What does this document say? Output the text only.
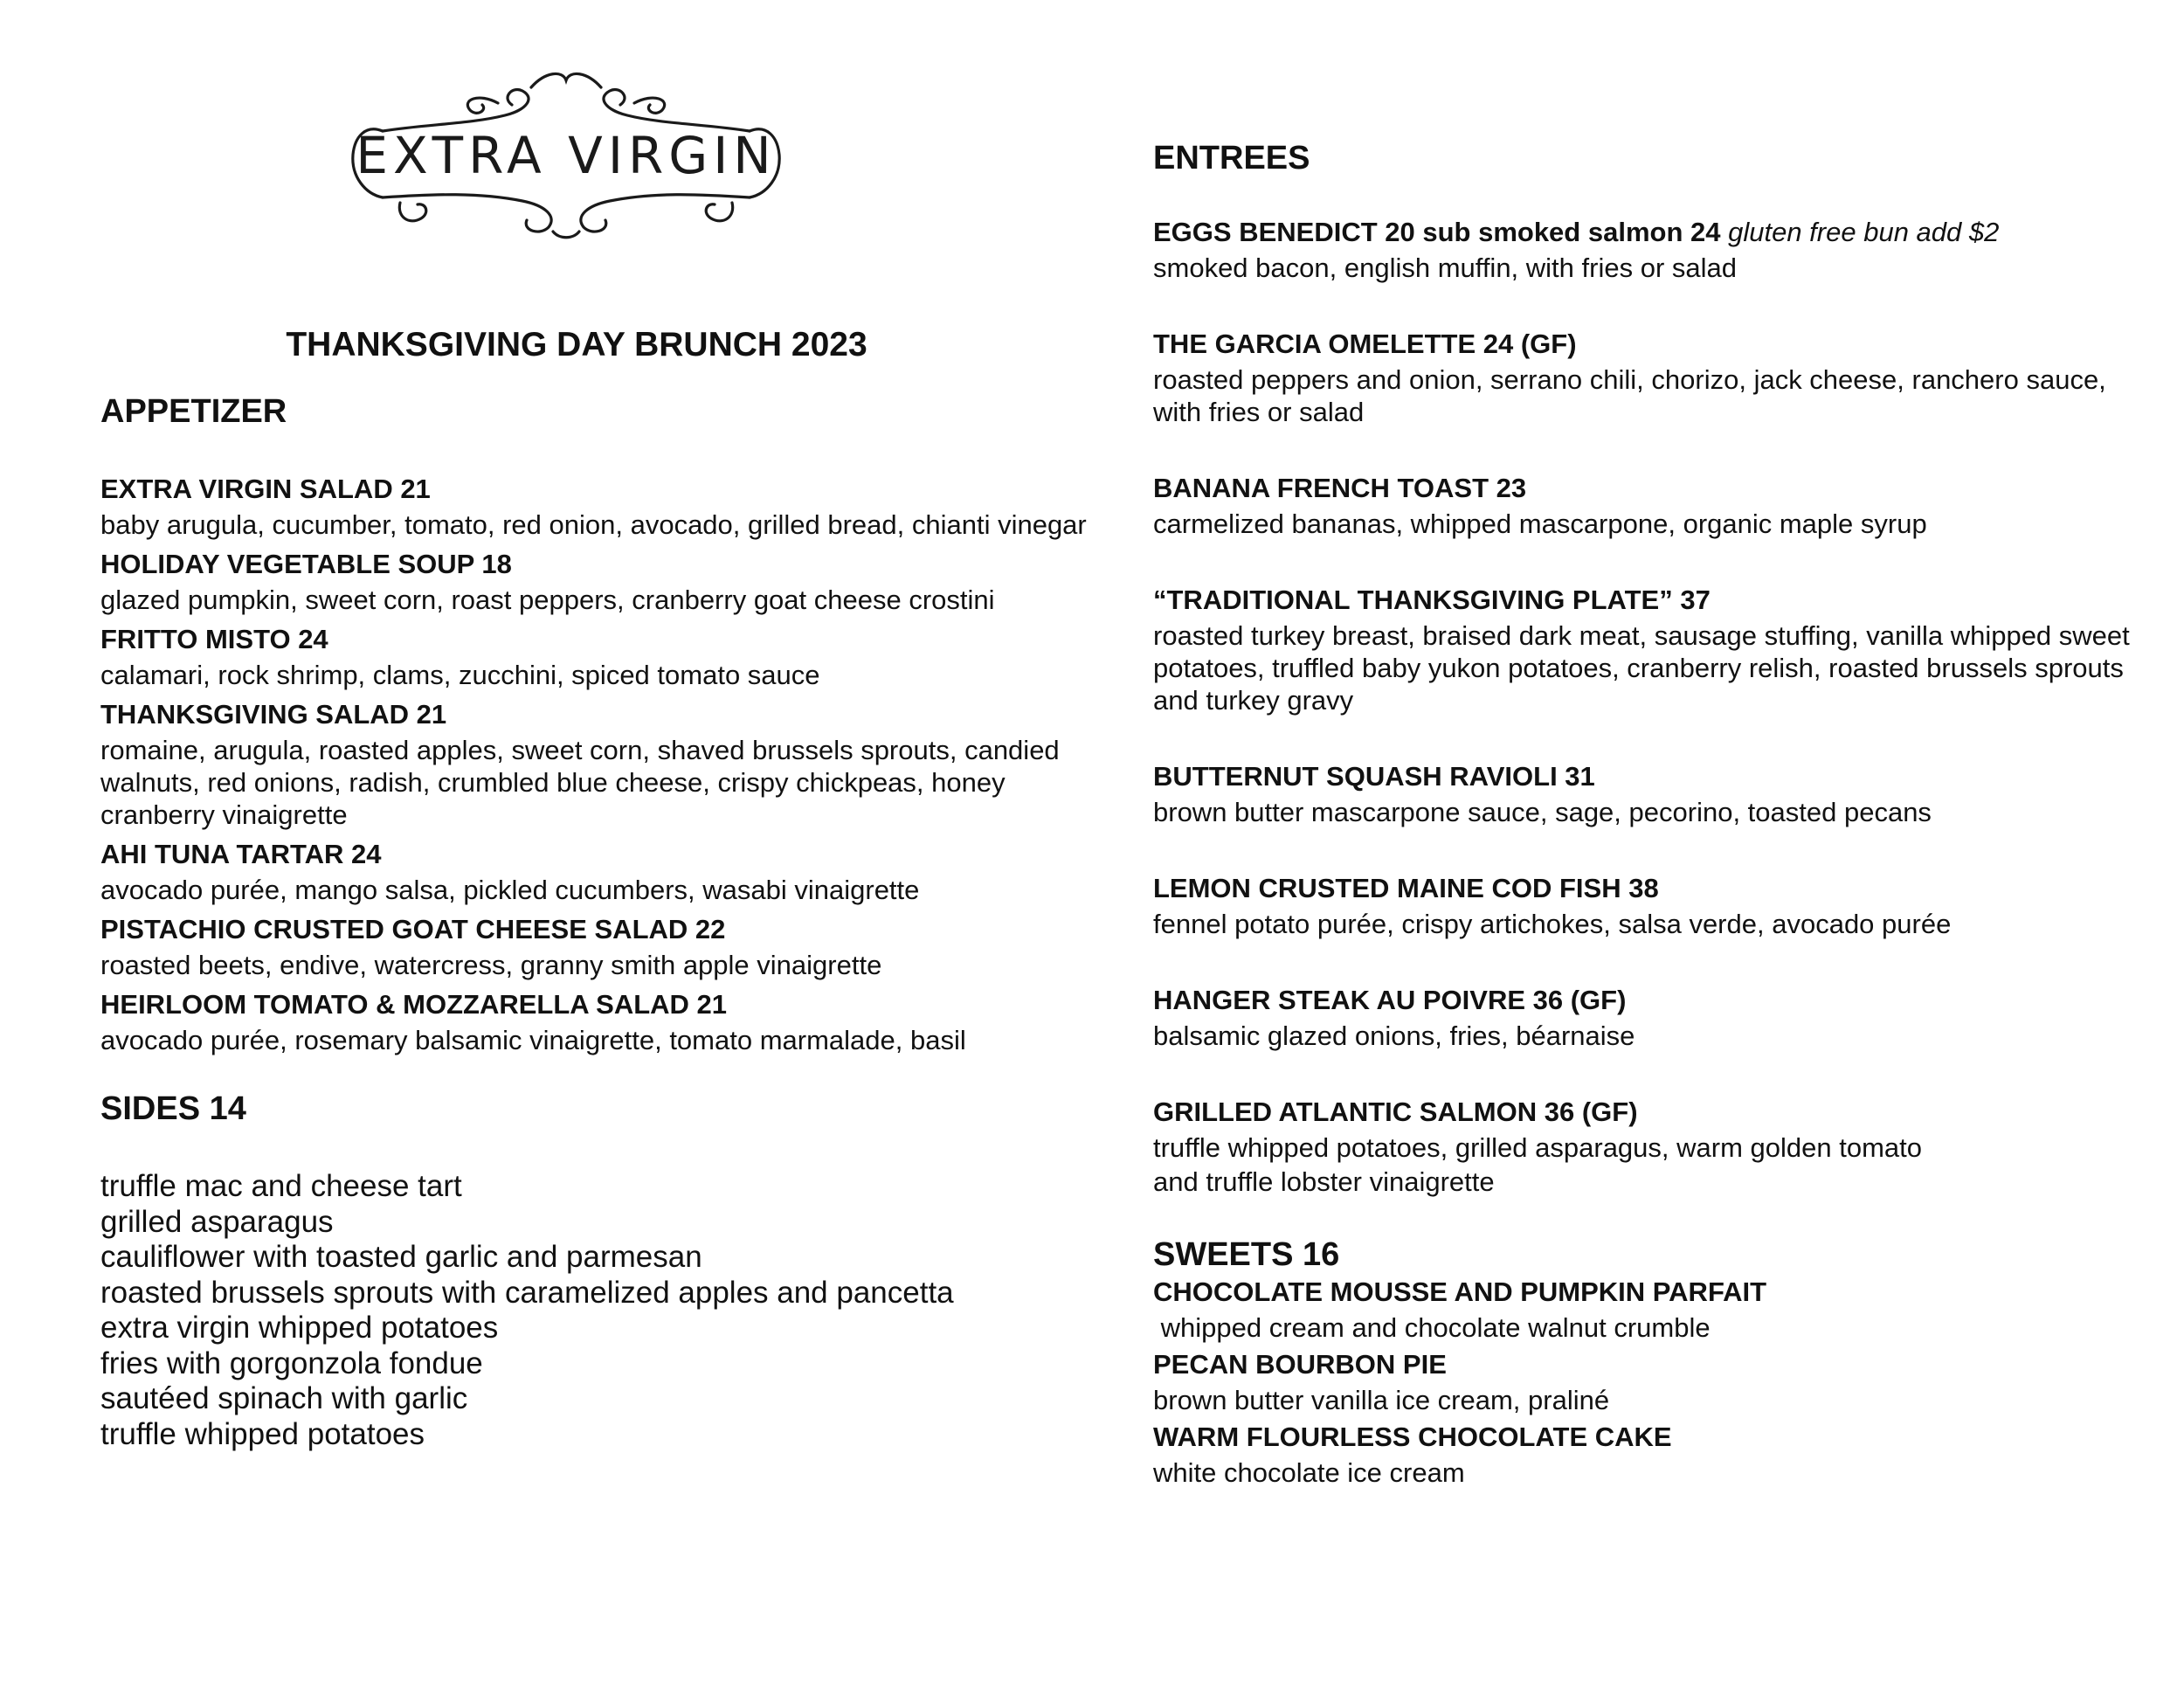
EXTRA VIRGIN
THANKSGIVING DAY BRUNCH 2023
APPETIZER
EXTRA VIRGIN SALAD 21
baby arugula, cucumber, tomato, red onion, avocado, grilled bread, chianti vinegar
HOLIDAY VEGETABLE SOUP 18
glazed pumpkin, sweet corn, roast peppers, cranberry goat cheese crostini
FRITTO MISTO 24
calamari, rock shrimp, clams, zucchini, spiced tomato sauce
THANKSGIVING SALAD 21
romaine, arugula, roasted apples, sweet corn, shaved brussels sprouts, candied walnuts, red onions, radish, crumbled blue cheese, crispy chickpeas, honey cranberry vinaigrette
AHI TUNA TARTAR 24
avocado purée, mango salsa, pickled cucumbers, wasabi vinaigrette
PISTACHIO CRUSTED GOAT CHEESE SALAD 22
roasted beets, endive, watercress, granny smith apple vinaigrette
HEIRLOOM TOMATO & MOZZARELLA SALAD 21
avocado purée, rosemary balsamic vinaigrette, tomato marmalade, basil
SIDES 14
truffle mac and cheese tart
grilled asparagus
cauliflower with toasted garlic and parmesan
roasted brussels sprouts with caramelized apples and pancetta
extra virgin whipped potatoes
fries with gorgonzola fondue
sautéed spinach with garlic
truffle whipped potatoes
ENTREES
EGGS BENEDICT 20 sub smoked salmon 24 gluten free bun add $2
smoked bacon, english muffin, with fries or salad
THE GARCIA OMELETTE 24 (GF)
roasted peppers and onion, serrano chili, chorizo, jack cheese, ranchero sauce, with fries or salad
BANANA FRENCH TOAST 23
carmelized bananas, whipped mascarpone, organic maple syrup
“TRADITIONAL THANKSGIVING PLATE” 37
roasted turkey breast, braised dark meat, sausage stuffing, vanilla whipped sweet potatoes, truffled baby yukon potatoes, cranberry relish, roasted brussels sprouts and turkey gravy
BUTTERNUT SQUASH RAVIOLI 31
brown butter mascarpone sauce, sage, pecorino, toasted pecans
LEMON CRUSTED MAINE COD FISH 38
fennel potato purée, crispy artichokes, salsa verde, avocado purée
HANGER STEAK AU POIVRE 36 (GF)
balsamic glazed onions, fries, béarnaise
GRILLED ATLANTIC SALMON 36 (GF)
truffle whipped potatoes, grilled asparagus, warm golden tomato
and truffle lobster vinaigrette
SWEETS 16
CHOCOLATE MOUSSE AND PUMPKIN PARFAIT
whipped cream and chocolate walnut crumble
PECAN BOURBON PIE
brown butter vanilla ice cream, praliné
WARM FLOURLESS CHOCOLATE CAKE
white chocolate ice cream
